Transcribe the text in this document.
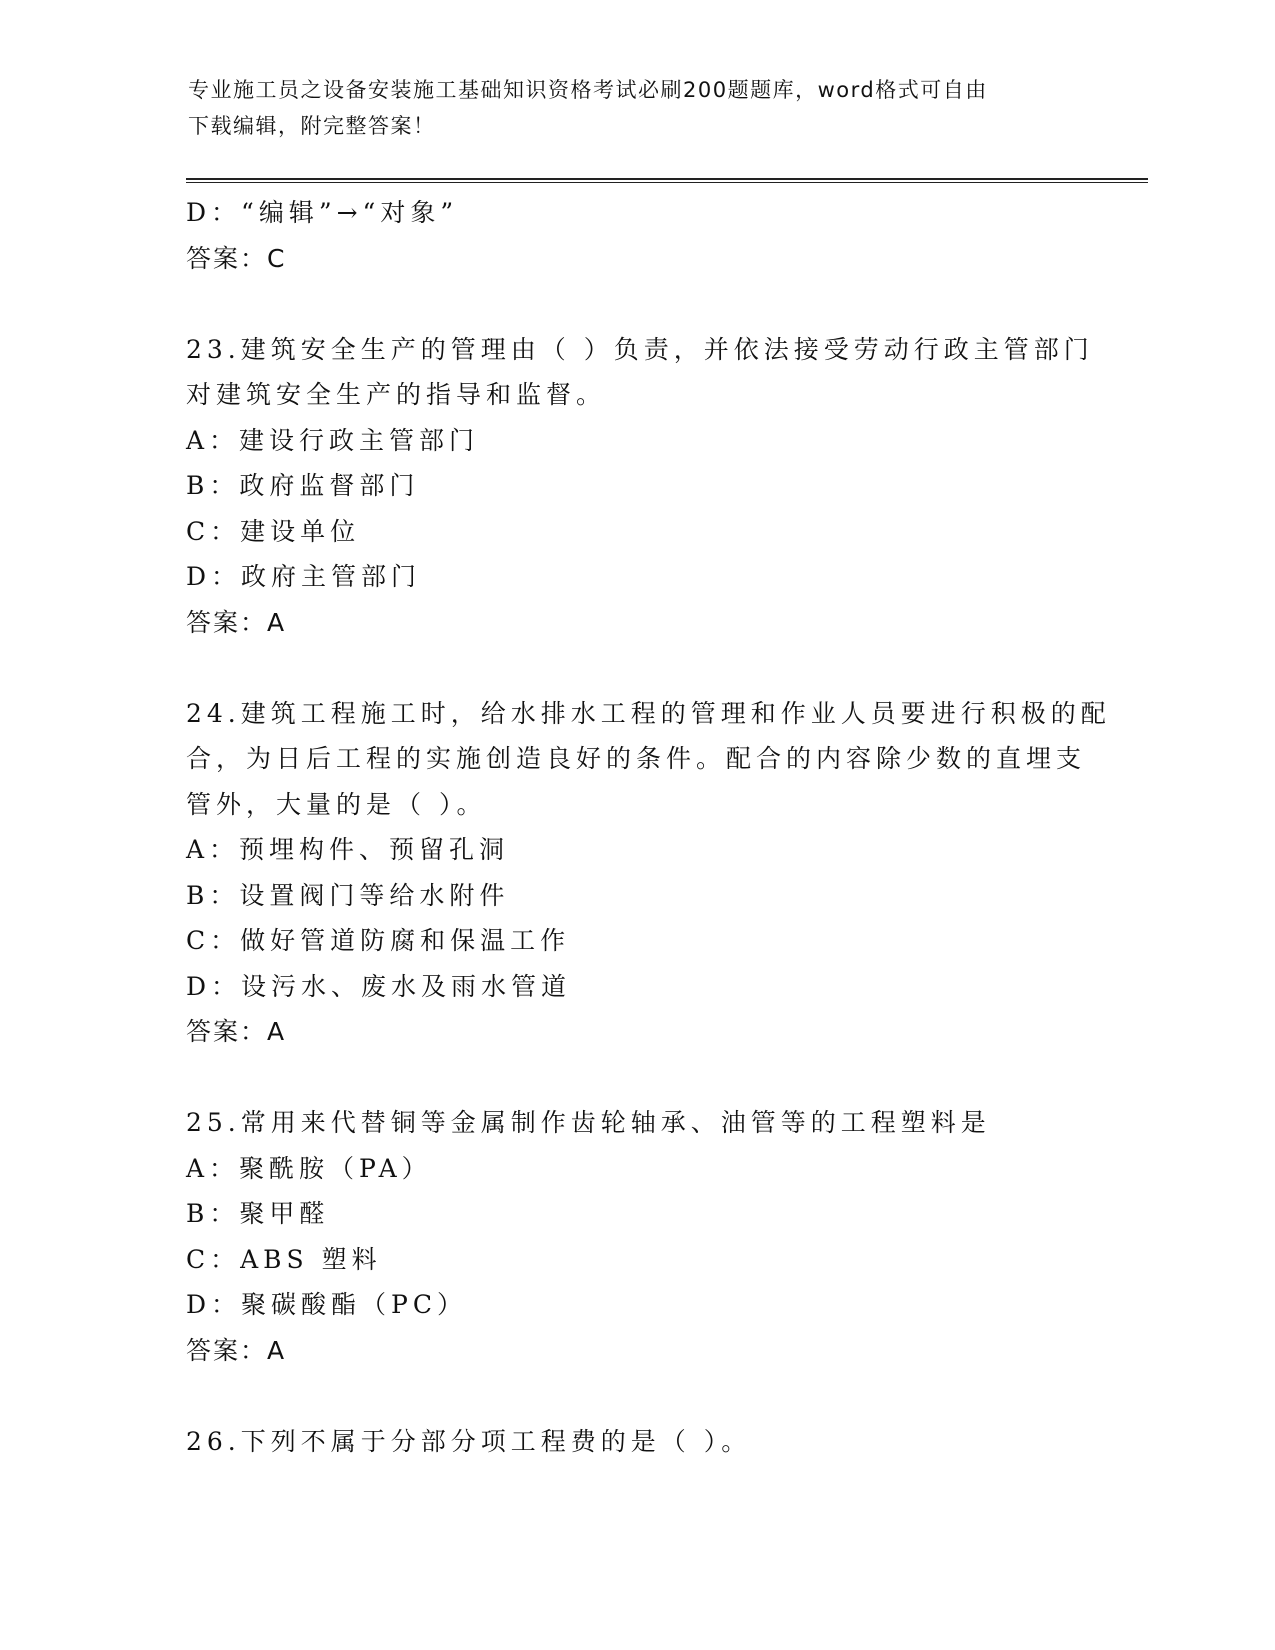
专业施工员之设备安装施工基础知识资格考试必刷200题题库，word格式可自由
下载编辑，附完整答案！
D：“编辑”→“对象”
答案：C
23.建筑安全生产的管理由（ ）负责，并依法接受劳动行政主管部门
对建筑安全生产的指导和监督。
A：建设行政主管部门
B：政府监督部门
C：建设单位
D：政府主管部门
答案：A
24.建筑工程施工时，给水排水工程的管理和作业人员要进行积极的配
合，为日后工程的实施创造良好的条件。配合的内容除少数的直埋支
管外，大量的是（ ）。
A：预埋构件、预留孔洞
B：设置阀门等给水附件
C：做好管道防腐和保温工作
D：设污水、废水及雨水管道
答案：A
25.常用来代替铜等金属制作齿轮轴承、油管等的工程塑料是
A：聚酰胺（PA）
B：聚甲醛
C：ABS 塑料
D：聚碳酸酯（PC）
答案：A
26.下列不属于分部分项工程费的是（ ）。
